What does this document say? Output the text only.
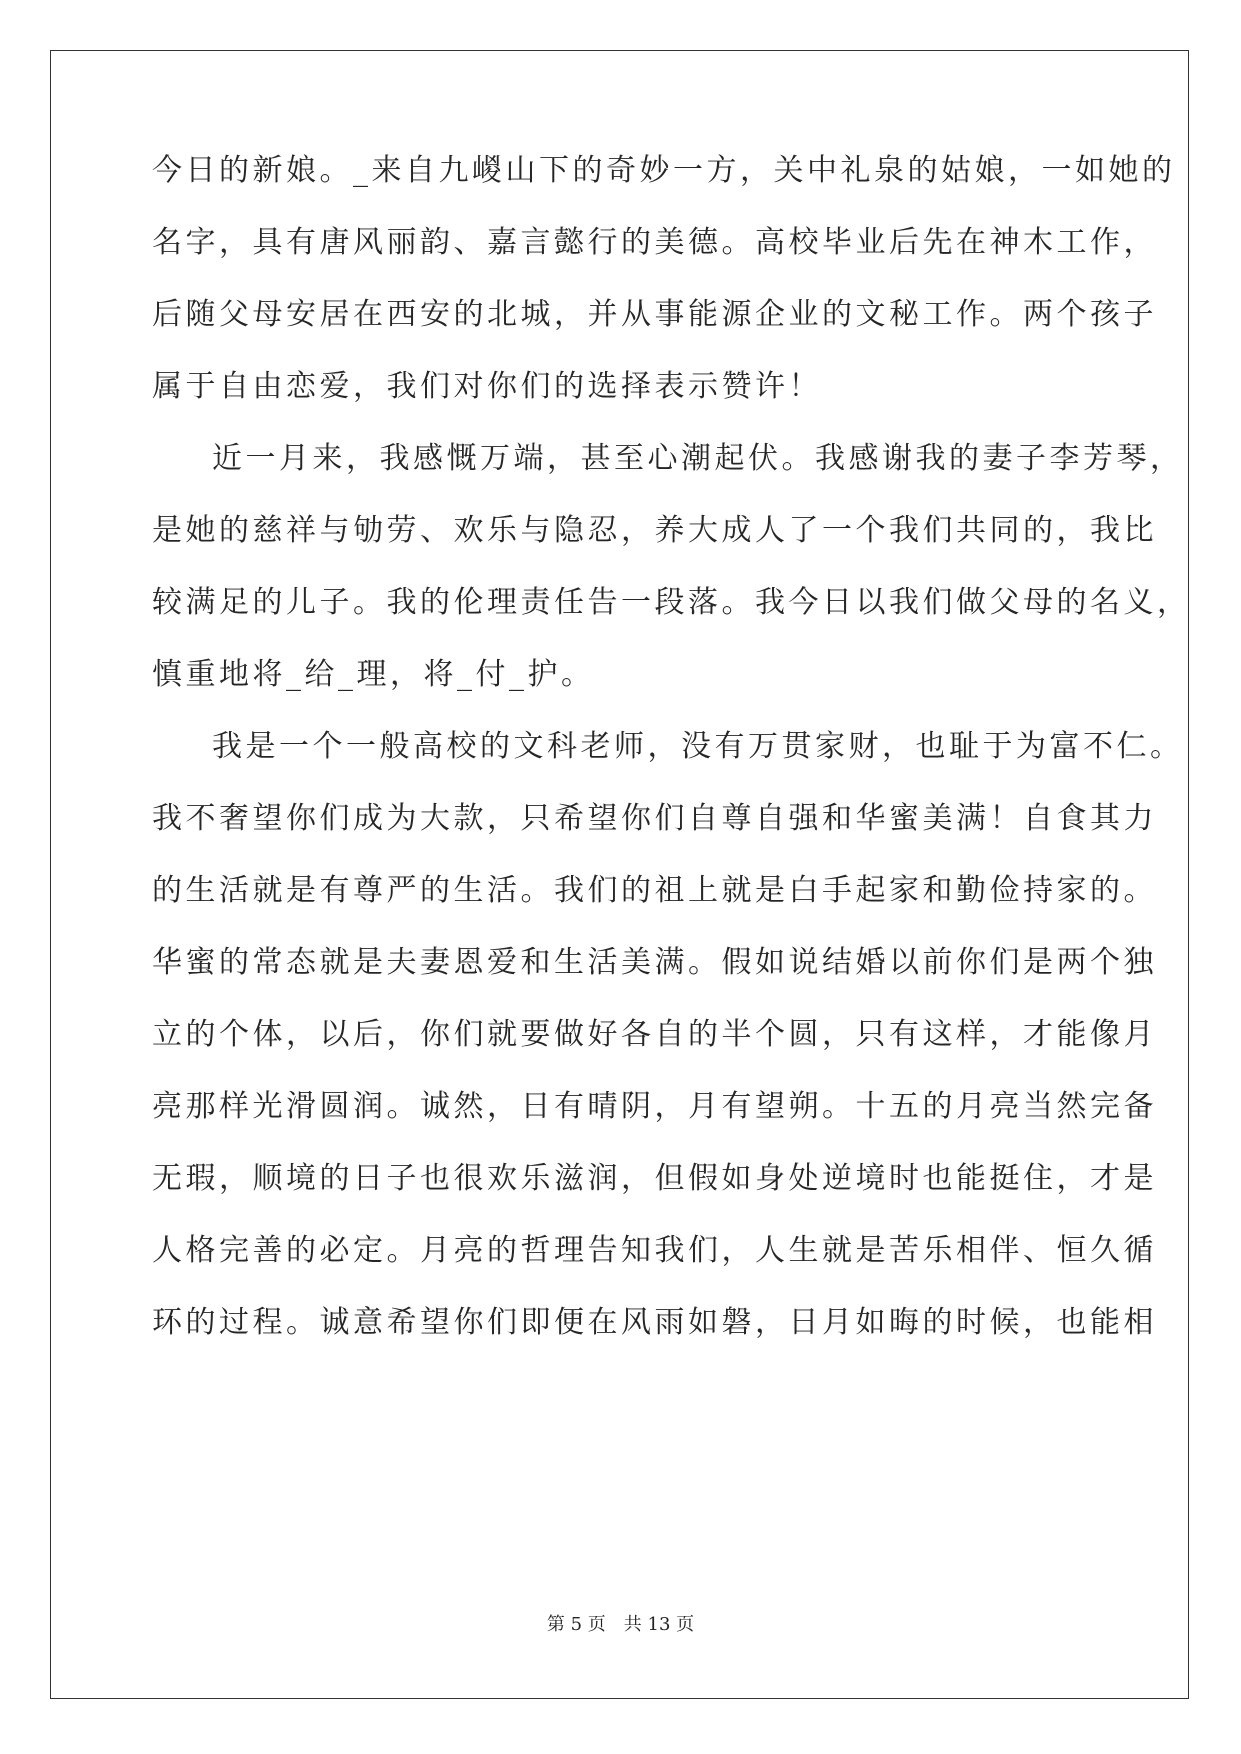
今日的新娘。_来自九嵕山下的奇妙一方，关中礼泉的姑娘，一如她的
名字，具有唐风丽韵、嘉言懿行的美德。高校毕业后先在神木工作，
后随父母安居在西安的北城，并从事能源企业的文秘工作。两个孩子
属于自由恋爱，我们对你们的选择表示赞许！
近一月来，我感慨万端，甚至心潮起伏。我感谢我的妻子李芳琴，
是她的慈祥与劬劳、欢乐与隐忍，养大成人了一个我们共同的，我比
较满足的儿子。我的伦理责任告一段落。我今日以我们做父母的名义，
慎重地将_给_理，将_付_护。
我是一个一般高校的文科老师，没有万贯家财，也耻于为富不仁。
我不奢望你们成为大款，只希望你们自尊自强和华蜜美满！自食其力
的生活就是有尊严的生活。我们的祖上就是白手起家和勤俭持家的。
华蜜的常态就是夫妻恩爱和生活美满。假如说结婚以前你们是两个独
立的个体，以后，你们就要做好各自的半个圆，只有这样，才能像月
亮那样光滑圆润。诚然，日有晴阴，月有望朔。十五的月亮当然完备
无瑕，顺境的日子也很欢乐滋润，但假如身处逆境时也能挺住，才是
人格完善的必定。月亮的哲理告知我们，人生就是苦乐相伴、恒久循
环的过程。诚意希望你们即便在风雨如磐，日月如晦的时候，也能相
第 5 页 共 13 页
